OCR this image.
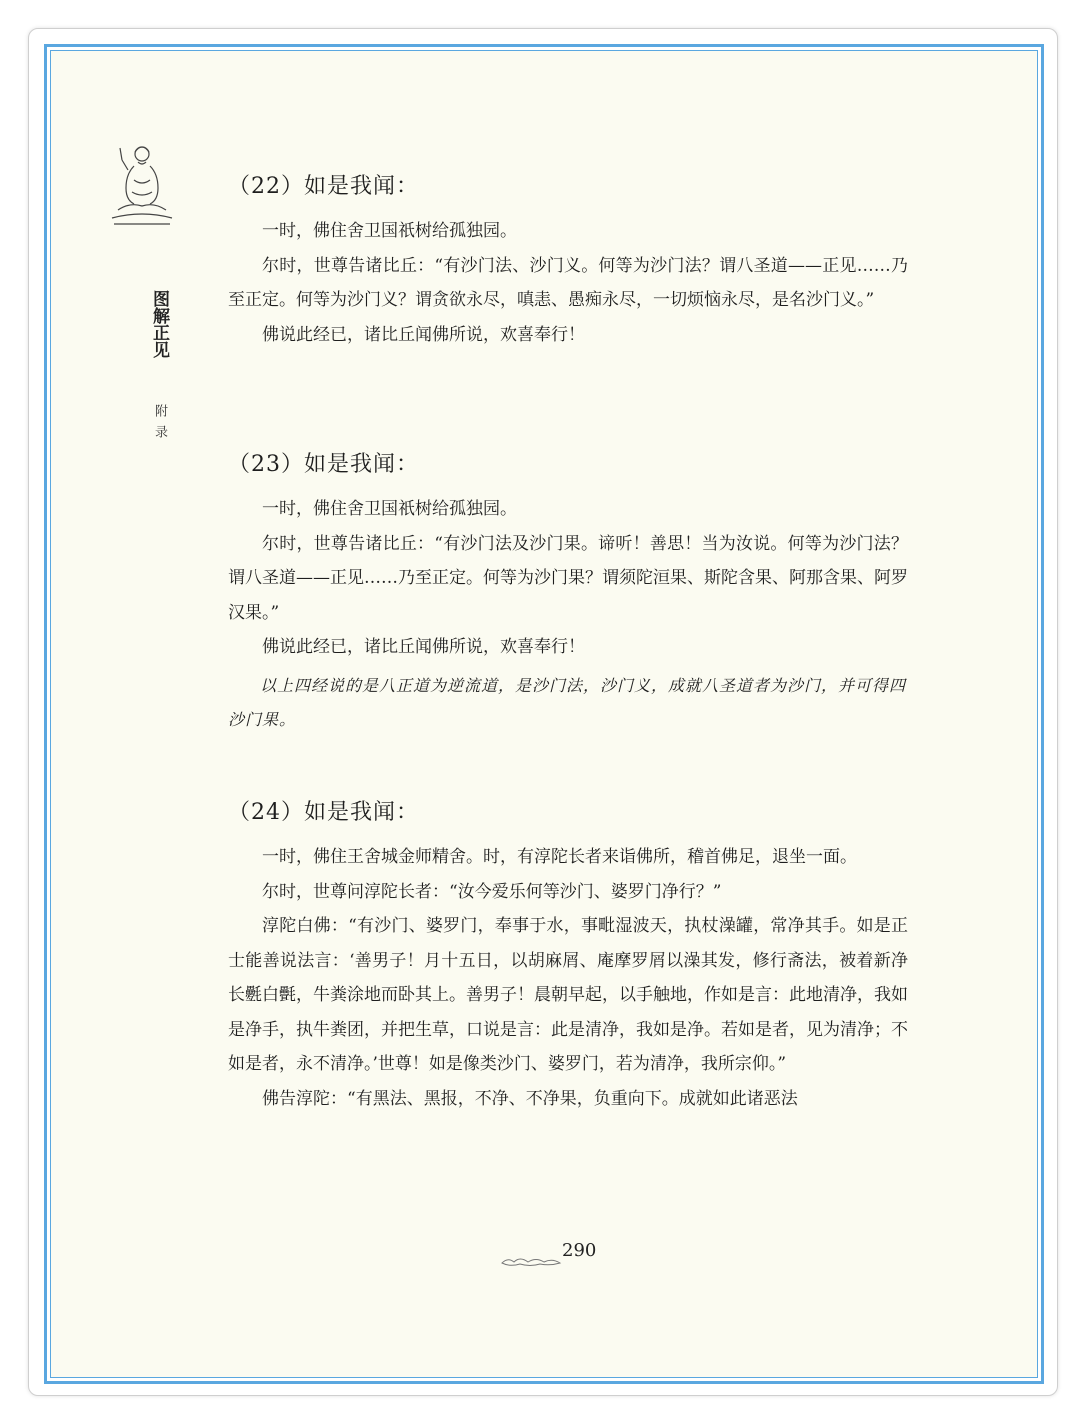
图解正见
附录
（22）如是我闻：

一时，佛住舍卫国祇树给孤独园。

尔时，世尊告诸比丘：“有沙门法、沙门义。何等为沙门法？谓八圣道——正见……乃至正定。何等为沙门义？谓贪欲永尽，嗔恚、愚痴永尽，一切烦恼永尽，是名沙门义。”

佛说此经已，诸比丘闻佛所说，欢喜奉行！

（23）如是我闻：

一时，佛住舍卫国祇树给孤独园。

尔时，世尊告诸比丘：“有沙门法及沙门果。谛听！善思！当为汝说。何等为沙门法？谓八圣道——正见……乃至正定。何等为沙门果？谓须陀洹果、斯陀含果、阿那含果、阿罗汉果。”

佛说此经已，诸比丘闻佛所说，欢喜奉行！

以上四经说的是八正道为逆流道，是沙门法，沙门义，成就八圣道者为沙门，并可得四沙门果。

（24）如是我闻：

一时，佛住王舍城金师精舍。时，有淳陀长者来诣佛所，稽首佛足，退坐一面。

尔时，世尊问淳陀长者：“汝今爱乐何等沙门、婆罗门净行？”

淳陀白佛：“有沙门、婆罗门，奉事于水，事毗湿波天，执杖澡罐，常净其手。如是正士能善说法言：‘善男子！月十五日，以胡麻屑、庵摩罗屑以澡其发，修行斋法，被着新净长氎白㲲，牛粪涂地而卧其上。善男子！晨朝早起，以手触地，作如是言：此地清净，我如是净手，执牛粪团，并把生草，口说是言：此是清净，我如是净。若如是者，见为清净；不如是者，永不清净。’世尊！如是像类沙门、婆罗门，若为清净，我所宗仰。”

佛告淳陀：“有黑法、黑报，不净、不净果，负重向下。成就如此诸恶法

290
